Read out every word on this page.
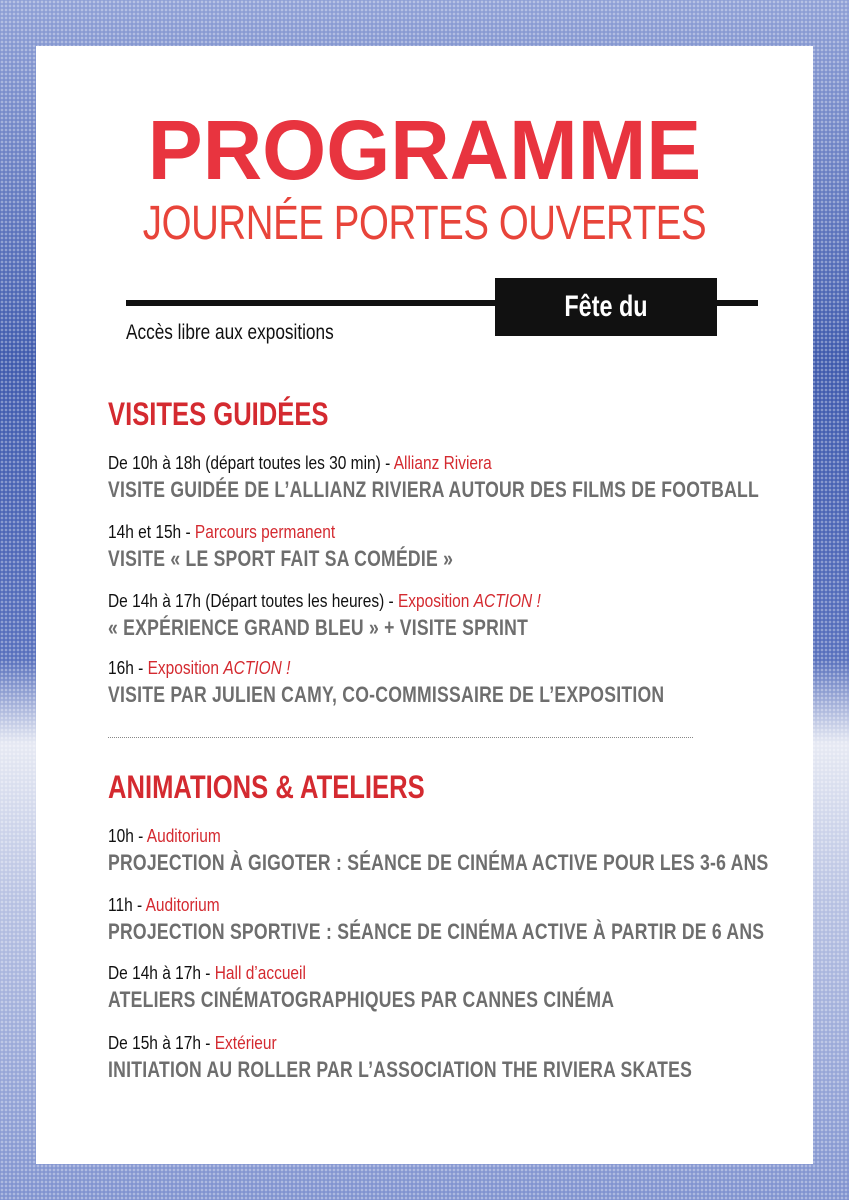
PROGRAMME
JOURNÉE PORTES OUVERTES
Fête du Cinéma
Accès libre aux expositions
VISITES GUIDÉES
De 10h à 18h (départ toutes les 30 min) - Allianz Riviera
VISITE GUIDÉE DE L’ALLIANZ RIVIERA AUTOUR DES FILMS DE FOOTBALL
14h et 15h - Parcours permanent
VISITE « LE SPORT FAIT SA COMÉDIE »
De 14h à 17h (Départ toutes les heures) - Exposition ACTION !
« EXPÉRIENCE GRAND BLEU » + VISITE SPRINT
16h - Exposition ACTION !
VISITE PAR JULIEN CAMY, CO-COMMISSAIRE DE L’EXPOSITION
ANIMATIONS & ATELIERS
10h - Auditorium
PROJECTION À GIGOTER : SÉANCE DE CINÉMA ACTIVE POUR LES 3-6 ANS
11h - Auditorium
PROJECTION SPORTIVE : SÉANCE DE CINÉMA ACTIVE À PARTIR DE 6 ANS
De 14h à 17h - Hall d’accueil
ATELIERS CINÉMATOGRAPHIQUES PAR CANNES CINÉMA
De 15h à 17h - Extérieur
INITIATION AU ROLLER PAR L’ASSOCIATION THE RIVIERA SKATES
